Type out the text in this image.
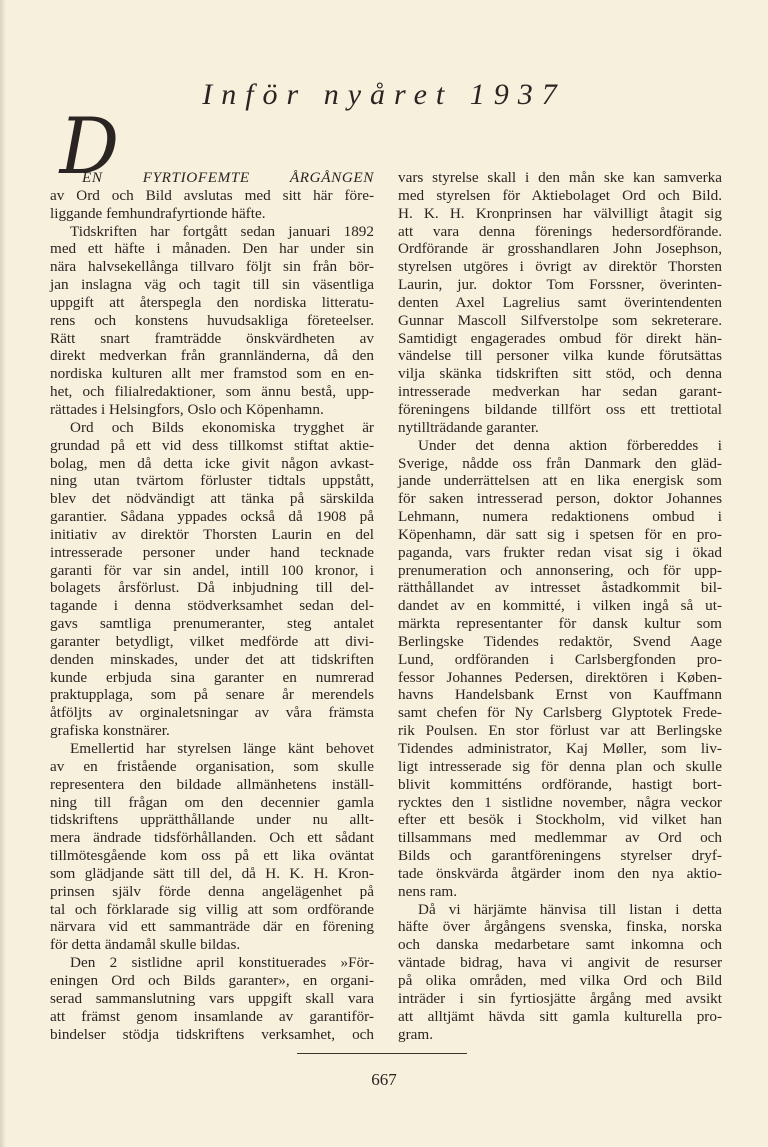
Inför nyåret 1937
D
EN FYRTIOFEMTE ÅRGÅNGEN
av Ord och Bild avslutas med sitt här före-
liggande femhundrafyrtionde häfte.
Tidskriften har fortgått sedan januari 1892
med ett häfte i månaden. Den har under sin
nära halvsekellånga tillvaro följt sin från bör-
jan inslagna väg och tagit till sin väsentliga
uppgift att återspegla den nordiska litteratu-
rens och konstens huvudsakliga företeelser.
Rätt snart framträdde önskvärdheten av
direkt medverkan från grannländerna, då den
nordiska kulturen allt mer framstod som en en-
het, och filialredaktioner, som ännu bestå, upp-
rättades i Helsingfors, Oslo och Köpenhamn.
Ord och Bilds ekonomiska trygghet är
grundad på ett vid dess tillkomst stiftat aktie-
bolag, men då detta icke givit någon avkast-
ning utan tvärtom förluster tidtals uppstått,
blev det nödvändigt att tänka på särskilda
garantier. Sådana yppades också då 1908 på
initiativ av direktör Thorsten Laurin en del
intresserade personer under hand tecknade
garanti för var sin andel, intill 100 kronor, i
bolagets årsförlust. Då inbjudning till del-
tagande i denna stödverksamhet sedan del-
gavs samtliga prenumeranter, steg antalet
garanter betydligt, vilket medförde att divi-
denden minskades, under det att tidskriften
kunde erbjuda sina garanter en numrerad
praktupplaga, som på senare år merendels
åtföljts av orginaletsningar av våra främsta
grafiska konstnärer.
Emellertid har styrelsen länge känt behovet
av en fristående organisation, som skulle
representera den bildade allmänhetens inställ-
ning till frågan om den decennier gamla
tidskriftens upprätthållande under nu allt-
mera ändrade tidsförhållanden. Och ett sådant
tillmötesgående kom oss på ett lika oväntat
som glädjande sätt till del, då H. K. H. Kron-
prinsen själv förde denna angelägenhet på
tal och förklarade sig villig att som ordförande
närvara vid ett sammanträde där en förening
för detta ändamål skulle bildas.
Den 2 sistlidne april konstituerades »För-
eningen Ord och Bilds garanter», en organi-
serad sammanslutning vars uppgift skall vara
att främst genom insamlande av garantiför-
bindelser stödja tidskriftens verksamhet, och
vars styrelse skall i den mån ske kan samverka
med styrelsen för Aktiebolaget Ord och Bild.
H. K. H. Kronprinsen har välvilligt åtagit sig
att vara denna förenings hedersordförande.
Ordförande är grosshandlaren John Josephson,
styrelsen utgöres i övrigt av direktör Thorsten
Laurin, jur. doktor Tom Forssner, överinten-
denten Axel Lagrelius samt överintendenten
Gunnar Mascoll Silfverstolpe som sekreterare.
Samtidigt engagerades ombud för direkt hän-
vändelse till personer vilka kunde förutsättas
vilja skänka tidskriften sitt stöd, och denna
intresserade medverkan har sedan garant-
föreningens bildande tillfört oss ett trettiotal
nytillträdande garanter.
Under det denna aktion förbereddes i
Sverige, nådde oss från Danmark den gläd-
jande underrättelsen att en lika energisk som
för saken intresserad person, doktor Johannes
Lehmann, numera redaktionens ombud i
Köpenhamn, där satt sig i spetsen för en pro-
paganda, vars frukter redan visat sig i ökad
prenumeration och annonsering, och för upp-
rätthållandet av intresset åstadkommit bil-
dandet av en kommitté, i vilken ingå så ut-
märkta representanter för dansk kultur som
Berlingske Tidendes redaktör, Svend Aage
Lund, ordföranden i Carlsbergfonden pro-
fessor Johannes Pedersen, direktören i Køben-
havns Handelsbank Ernst von Kauffmann
samt chefen för Ny Carlsberg Glyptotek Frede-
rik Poulsen. En stor förlust var att Berlingske
Tidendes administrator, Kaj Møller, som liv-
ligt intresserade sig för denna plan och skulle
blivit kommitténs ordförande, hastigt bort-
rycktes den 1 sistlidne november, några veckor
efter ett besök i Stockholm, vid vilket han
tillsammans med medlemmar av Ord och
Bilds och garantföreningens styrelser dryf-
tade önskvärda åtgärder inom den nya aktio-
nens ram.
Då vi härjämte hänvisa till listan i detta
häfte över årgångens svenska, finska, norska
och danska medarbetare samt inkomna och
väntade bidrag, hava vi angivit de resurser
på olika områden, med vilka Ord och Bild
inträder i sin fyrtiosjätte årgång med avsikt
att alltjämt hävda sitt gamla kulturella pro-
gram.
667
